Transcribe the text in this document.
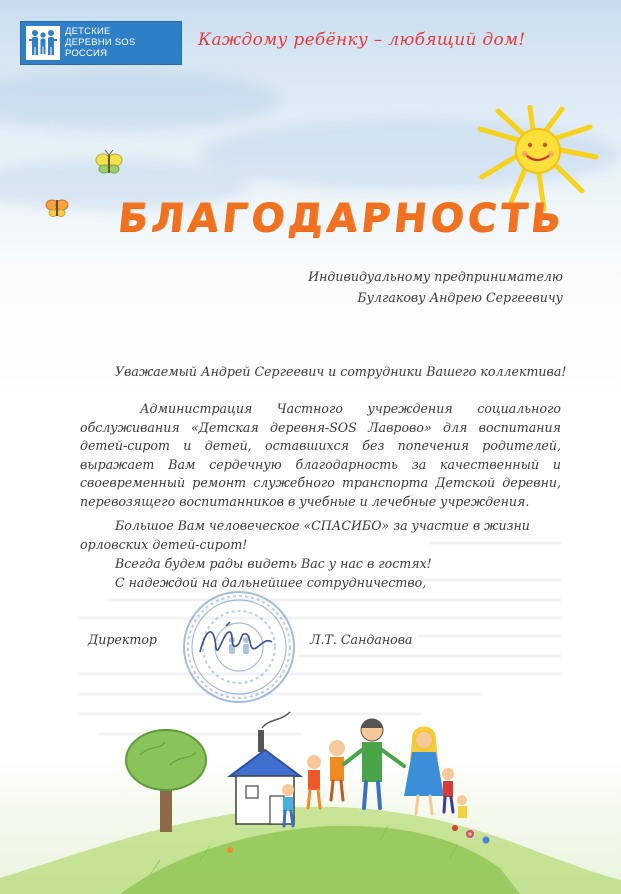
ДЕТСКИЕ
ДЕРЕВНИ SOS
РОССИЯ
Каждому ребёнку – любящий дом!
БЛАГОДАРНОСТЬ
Индивидуальному предпринимателю
Булгакову Андрею Сергеевичу
Уважаемый Андрей Сергеевич и сотрудники Вашего коллектива!

Администрация Частного учреждения социального обслуживания «Детская деревня-SOS Лаврово» для воспитания детей-сирот и детей, оставшихся без попечения родителей, выражает Вам сердечную благодарность за качественный и своевременный ремонт служебного транспорта Детской деревни, перевозящего воспитанников в учебные и лечебные учреждения.

Большое Вам человеческое «СПАСИБО» за участие в жизни
орловских детей-сирот!
Всегда будем рады видеть Вас у нас в гостях!
С надеждой на дальнейшее сотрудничество,
Директор	Л.Т. Санданова
